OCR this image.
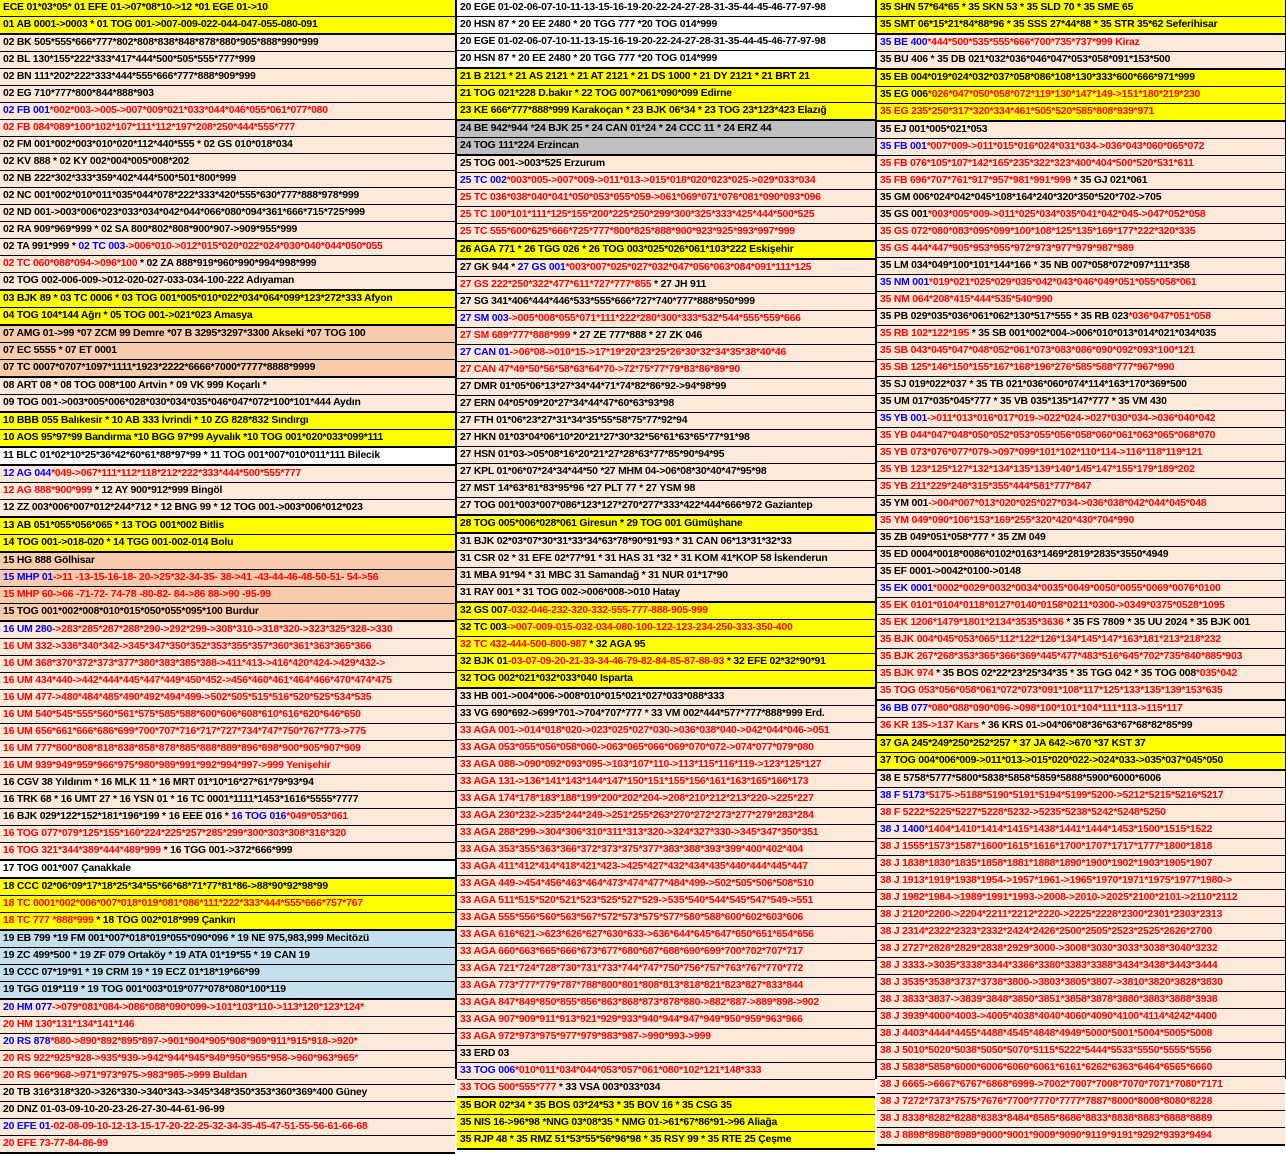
ECE 01*03*05* 01 EFE 01->07*08*10->12 *01 EGE 01->10
01 AB 0001->0003 * 01 TOG 001->007-009-022-044-047-055-080-091
02 BK 505*555*666*777*802*808*838*848*878*880*905*888*990*999
02 BL 130*155*222*333*417*444*500*505*555*777*999
02 BN 111*202*222*333*444*555*666*777*888*909*999
02 EG 710*777*800*844*888*903
02 FB 001*002*003->005->007*009*021*033*044*046*055*061*077*080
02 FB 084*089*100*102*107*111*112*197*208*250*444*555*777
02 FM 001*002*003*010*020*112*440*555 * 02 GS 010*018*034
02 KV 888 * 02 KY 002*004*005*008*202
02 NB 222*302*333*359*402*444*500*501*800*999
02 NC 001*002*010*011*035*044*078*222*333*420*555*630*777*888*978*999
02 ND 001->003*006*023*033*034*042*044*066*080*094*361*666*715*725*999
02 RA 909*969*999 * 02 SA 800*802*808*900*907->909*955*999
02 TA 991*999 * 02 TC 003->006*010->012*015*020*022*024*030*040*044*050*055
02 TC 060*088*094->096*100 * 02 ZA 888*919*960*990*994*998*999
02 TOG 002-006-009->012-020-027-033-034-100-222 Adıyaman
03 BJK 89 * 03 TC 0006 * 03 TOG 001*005*010*022*034*064*099*123*272*333 Afyon
04 TOG 104*144 Ağrı * 05 TOG 001->021*023 Amasya
07 AMG 01->99 *07 ZCM 99 Demre *07 B 3295*3297*3300 Akseki *07 TOG 100
07 EC 5555 * 07 ET 0001
07 TC 0007*0707*1097*1111*1923*2222*6666*7000*7777*8888*9999
08 ART 08 * 08 TOG 008*100 Artvin * 09 VK 999 Koçarlı *
09 TOG 001->003*005*006*028*030*034*035*046*047*072*100*101*444 Aydın
10 BBB 055 Balıkesir * 10 AB 333 İvrindi * 10 ZG 828*832 Sındırgı
10 AOS 95*97*99 Bandırma *10 BGG 97*99 Ayvalık *10 TOG 001*020*033*099*111
11 BLC 01*02*10*25*36*42*60*61*88*97*99 * 11 TOG 001*007*010*011*111 Bilecik
12 AG 044*049->067*111*112*118*212*222*333*444*500*555*777
12 AG 888*900*999 * 12 AY 900*912*999 Bingöl
12 ZZ 003*006*007*012*244*712 * 12 BNG 99 * 12 TOG 001->003*006*012*023
13 AB 051*055*056*065 * 13 TOG 001*002 Bitlis
14 TOG 001->018-020 * 14 TGG 001-002-014 Bolu
15 HG 888 Gölhisar
15 MHP 01->11 -13-15-16-18- 20->25*32-34-35- 38->41 -43-44-46-48-50-51- 54->56
15 MHP 60->66 -71-72- 74-78 -80-82- 84->86 88->90 -95-99
15 TOG 001*002*008*010*015*050*055*095*100 Burdur
16 UM 280->283*285*287*288*290->292*299->308*310->318*320->323*325*328->330
16 UM 332->336*340*342->345*347*350*352*353*355*357*360*361*363*365*366
16 UM 368*370*372*373*377*380*383*385*388->411*413->416*420*424->429*432->
16 UM 434*440->442*444*445*447*449*450*452->456*460*461*464*466*470*474*475
16 UM 477->480*484*485*490*492*494*499->502*505*515*516*520*525*534*535
16 UM 540*545*555*560*561*575*585*588*600*606*608*610*616*620*646*650
16 UM 656*661*666*686*699*700*707*716*717*727*734*747*750*767*773->775
16 UM 777*800*808*818*838*858*878*885*888*889*896*898*900*905*907*909
16 UM 939*949*959*966*975*980*989*991*992*994*997->999 Yenişehir
16 CGV 38 Yıldırım * 16 MLK 11 * 16 MRT 01*10*16*27*61*79*93*94
16 TRK 68 * 16 UMT 27 * 16 YSN 01 * 16 TC 0001*1111*1453*1616*5555*7777
16 BJK 029*122*152*181*196*199 * 16 EEE 016 * 16 TOG 016*049*053*061
16 TOG 077*079*125*155*160*224*225*257*285*299*300*303*308*316*320
16 TOG 321*344*389*444*489*999 * 16 TGG 001->372*666*999
17 TOG 001*007 Çanakkale
18 CCC 02*06*09*17*18*25*34*55*66*68*71*77*81*86->88*90*92*98*99
18 TC 0001*002*006*007*018*019*081*086*111*222*333*444*555*666*757*767
18 TC 777 *888*999 * 18 TOG 002*018*999 Çankırı
19 EB 799 *19 FM 001*007*018*019*055*090*096 * 19 NE 975,983,999 Mecitözü
19 ZC 499*500 * 19 ZF 079 Ortaköy * 19 ATA 01*19*55 * 19 CAN 19
19 CCC 07*19*91 * 19 CRM 19 * 19 ECZ 01*18*19*66*99
19 TGG 019*119 * 19 TOG 001*003*019*077*078*080*100*119
20 HM 077->079*081*084->086*088*090*099->101*103*110->113*120*123*124*
20 HM 130*131*134*141*146
20 RS 878*880->890*892*895*897->901*904*905*908*909*911*915*918->920*
20 RS 922*925*928->935*939->942*944*945*949*950*955*958->960*963*965*
20 RS 966*968->971*973*975->983*985->999 Buldan
20 TB 316*318*320->326*330->340*343->345*348*350*353*360*369*400 Güney
20 DNZ 01-03-09-10-20-23-26-27-30-44-61-96-99
20 EFE 01-02-08-09-10-12-13-15-17-20-22-25-32-34-35-45-47-51-55-56-61-66-68
20 EFE 73-77-84-86-99
20 EGE 01-02-06-07-10-11-13-15-16-19-20-22-24-27-28-31-35-44-45-46-77-97-98
20 HSN 87 * 20 EE 2480 * 20 TGG 777 *20 TOG 014*999
20 EGE 01-02-06-07-10-11-13-15-16-19-20-22-24-27-28-31-35-44-45-46-77-97-98
20 HSN 87 * 20 EE 2480 * 20 TGG 777 *20 TOG 014*999
21 B 2121 * 21 AS 2121 * 21 AT 2121 * 21 DS 1000 * 21 DY 2121 * 21 BRT 21
21 TOG 021*228 D.bakır * 22 TOG 007*061*090*099 Edirne
23 KE 666*777*888*999 Karakoçan * 23 BJK 06*34 * 23 TOG 23*123*423 Elazığ
24 BE 942*944 *24 BJK 25 * 24 CAN 01*24 * 24 CCC 11 * 24 ERZ 44
24 TOG 111*224 Erzincan
25 TOG 001->003*525 Erzurum
25 TC 002*003*005->007*009->011*013->015*018*020*023*025->029*033*034
25 TC 036*038*040*041*050*053*055*059->061*069*071*076*081*090*093*096
25 TC 100*101*111*125*155*200*225*250*299*300*325*333*425*444*500*525
25 TC 555*600*625*666*725*777*800*825*888*900*923*925*993*997*999
26 AGA 771 * 26 TGG 026 * 26 TOG 003*025*026*061*103*222 Eskişehir
27 GK 944 * 27 GS 001*003*007*025*027*032*047*056*063*084*091*111*125
27 GS 222*250*322*477*611*727*777*855 * 27 JH 911
27 SG 341*406*444*446*533*555*666*727*740*777*888*950*999
27 SM 003->005*008*055*071*111*222*280*300*333*532*544*555*559*666
27 SM 689*777*888*999 * 27 ZE 777*888 * 27 ZK 046
27 CAN 01->06*08->010*15->17*19*20*23*25*26*30*32*34*35*38*40*46
27 CAN 47*49*50*56*58*63*64*70->72*75*77*79*83*86*89*90
27 DMR 01*05*06*13*27*34*44*71*74*82*86*92->94*98*99
27 ERN 04*05*09*20*27*34*44*47*60*63*93*98
27 FTH 01*06*23*27*31*34*35*55*58*75*77*92*94
27 HKN 01*03*04*06*10*20*21*27*30*32*56*61*63*65*77*91*98
27 HSN 01*03->05*08*16*20*21*27*28*63*77*85*90*94*95
27 KPL 01*06*07*24*34*44*50 *27 MHM 04->06*08*30*40*47*95*98
27 MST 14*63*81*83*95*96 *27 PLT 77 * 27 YSM 98
27 TOG 001*003*007*086*123*127*270*277*333*422*444*666*972 Gaziantep
28 TOG 005*006*028*061 Giresun * 29 TOG 001 Gümüşhane
31 BJK 02*03*07*30*31*33*34*63*78*90*91*93 * 31 CAN 06*13*31*32*33
31 CSR 02 * 31 EFE 02*77*91 * 31 HAS 31 *32 * 31 KOM 41*KOP 58 İskenderun
31 MBA 91*94 * 31 MBC 31 Samandağ * 31 NUR 01*17*90
31 RAY 001 * 31 TOG 002->006*008->010 Hatay
32 GS 007-032-046-232-320-332-555-777-888-905-999
32 TC 003->007-009-015-032-034-080-100-122-123-234-250-333-350-400
32 TC 432-444-500-800-987 * 32 AGA 95
32 BJK 01-03-07-09-20-21-33-34-46-79-82-84-85-87-88-93 * 32 EFE 02*32*90*91
32 TOG 002*021*032*033*040 Isparta
33 HB 001->004*006->008*010*015*021*027*033*088*333
33 VG 690*692->699*701->704*707*777 * 33 VM 002*444*577*777*888*999 Erd.
33 AGA 001->014*018*020->023*025*027*030->036*038*040->042*044*046->051
33 AGA 053*055*056*058*060->063*065*066*069*070*072->074*077*079*080
33 AGA 088->090*092*093*095->103*107*110->113*115*116*119->123*125*127
33 AGA 131->136*141*143*144*147*150*151*155*156*161*163*165*166*173
33 AGA 174*178*183*188*199*200*202*204->208*210*212*213*220->225*227
33 AGA 230*232->235*244*249->251*255*263*270*272*273*277*279*283*284
33 AGA 288*299->304*306*310*311*313*320->324*327*330->345*347*350*351
33 AGA 353*355*363*366*372*373*375*377*383*388*393*399*400*402*404
33 AGA 411*412*414*418*421*423->425*427*432*434*435*440*444*445*447
33 AGA 449->454*456*463*464*473*474*477*484*499->502*505*506*508*510
33 AGA 511*515*520*521*523*525*527*529->535*540*544*545*547*549->551
33 AGA 555*556*560*563*567*572*573*575*577*580*588*600*602*603*606
33 AGA 616*621->623*626*627*630*633->636*644*645*647*650*651*654*656
33 AGA 660*663*665*666*673*677*680*687*688*690*699*700*702*707*717
33 AGA 721*724*728*730*731*733*744*747*750*756*757*763*767*770*772
33 AGA 773*777*779*787*788*800*801*808*813*818*821*823*827*833*844
33 AGA 847*849*850*855*856*863*868*873*878*880->882*887->889*898->902
33 AGA 907*909*911*913*921*929*933*940*944*947*949*950*959*963*966
33 AGA 972*973*975*977*979*983*987->990*993->999
33 ERD 03
33 TOG 006*010*011*034*044*053*057*061*080*102*121*148*333
33 TOG 500*555*777 * 33 VSA 003*033*034
35 BOR 02*34 * 35 BOS 03*24*53 * 35 BOV 16 * 35 CSG 35
35 NIS 16->96*98 *NNG 03*08*35 * NMG 01->61*67*86*91->96 Aliağa
35 RJP 48 * 35 RMZ 51*53*55*56*96*98 * 35 RSY 99 * 35 RTE 25 Çeşme
35 SHN 57*64*65 * 35 SKN 53 * 35 SLD 70 * 35 SME 65
35 SMT 06*15*21*84*88*96 * 35 SSS 27*44*88 * 35 STR 35*62 Seferihisar
35 BE 400*444*500*535*555*666*700*735*737*999 Kiraz
35 BU 406 * 35 DB 021*032*036*046*047*053*058*091*153*500
35 EB 004*019*024*032*037*058*086*108*130*333*600*666*971*999
35 EG 006*026*047*050*058*072*119*130*147*149->151*180*219*230
35 EG 235*250*317*320*334*461*505*520*585*808*939*971
35 EJ 001*005*021*053
35 FB 001*007*009->011*015*016*024*031*034->036*043*060*065*072
35 FB 076*105*107*142*165*235*322*323*400*404*500*520*531*611
35 FB 696*707*761*917*957*981*991*999 * 35 GJ 021*061
35 GM 006*024*042*045*108*164*240*320*350*520*702->705
35 GS 001*003*005*009->011*025*034*035*041*042*045->047*052*058
35 GS 072*080*083*095*099*100*108*125*135*169*177*222*320*335
35 GS 444*447*905*953*955*972*973*977*979*987*989
35 LM 034*049*100*101*144*166 * 35 NB 007*058*072*097*111*358
35 NM 001*019*021*025*029*035*042*043*046*049*051*055*058*061
35 NM 064*208*415*444*535*540*990
35 PB 029*035*036*061*062*130*517*555 * 35 RB 023*036*047*051*058
35 RB 102*122*195 * 35 SB 001*002*004->006*010*013*014*021*034*035
35 SB 043*045*047*048*052*061*073*083*086*090*092*093*100*121
35 SB 125*146*150*155*167*168*196*276*585*588*777*967*990
35 SJ 019*022*037 * 35 TB 021*036*060*074*114*163*170*369*500
35 UM 017*035*045*777 * 35 VB 035*135*147*777 * 35 VM 430
35 YB 001->011*013*016*017*019->022*024->027*030*034->036*040*042
35 YB 044*047*048*050*052*053*055*056*058*060*061*063*065*068*070
35 YB 073*076*077*079->097*099*101*102*110*114->116*118*119*121
35 YB 123*125*127*132*134*135*139*140*145*147*155*179*189*202
35 YB 211*229*248*315*355*444*581*777*847
35 YM 001->004*007*013*020*025*027*034->036*038*042*044*045*048
35 YM 049*090*106*153*169*255*320*420*430*704*990
35 ZB 049*051*058*777 * 35 ZM 049
35 ED 0004*0018*0086*0102*0163*1469*2819*2835*3550*4949
35 EF 0001->0042*0100->0148
35 EK 0001*0002*0029*0032*0034*0035*0049*0050*0055*0069*0076*0100
35 EK 0101*0104*0118*0127*0140*0158*0211*0300->0349*0375*0528*1095
35 EK 1206*1479*1801*2134*3535*3636 * 35 FS 7809 * 35 UU 2024 * 35 BJK 001
35 BJK 004*045*053*065*112*122*126*134*145*147*163*181*213*218*232
35 BJK 267*268*353*365*366*369*445*477*483*516*645*702*735*840*885*903
35 BJK 974 * 35 BOS 02*22*23*25*34*35 * 35 TGG 042 * 35 TOG 008*035*042
35 TOG 053*056*058*061*072*073*091*108*117*125*133*135*139*153*635
36 BB 077*080*088*090*096->098*100*101*104*111*113->115*117
36 KR 135->137 Kars * 36 KRS 01->04*06*08*36*63*67*68*82*85*99
37 GA 245*249*250*252*257 * 37 JA 642->670 *37 KST 37
37 TOG 004*006*009->011*013->015*020*022->024*033->035*037*045*050
38 E 5758*5777*5800*5838*5858*5859*5888*5900*6000*6006
38 F 5173*5175->5188*5190*5191*5194*5199*5200->5212*5215*5216*5217
38 F 5222*5225*5227*5228*5232->5235*5238*5242*5248*5250
38 J 1400*1404*1410*1414*1415*1438*1441*1444*1453*1500*1515*1522
38 J 1555*1573*1587*1600*1615*1616*1700*1707*1717*1777*1800*1818
38 J 1838*1830*1835*1858*1881*1888*1890*1900*1902*1903*1905*1907
38 J 1913*1919*1938*1954->1957*1961->1965*1970*1971*1975*1977*1980->
38 J 1982*1984->1989*1991*1993->2008->2010->2025*2100*2101->2110*2112
38 J 2120*2200->2204*2211*2212*2220->2225*2228*2300*2301*2303*2313
38 J 2314*2322*2323*2332*2424*2426*2500*2505*2523*2525*2626*2700
38 J 2727*2828*2829*2838*2929*3000->3008*3030*3033*3038*3040*3232
38 J 3333->3035*3338*3344*3366*3380*3383*3388*3434*3438*3443*3444
38 J 3535*3538*3737*3738*3800->3803*3805*3807->3810*3820*3828*3830
38 J 3833*3837->3839*3848*3850*3851*3858*3878*3880*3883*3888*3938
38 J 3939*4000*4003->4005*4038*4040*4060*4090*4100*4114*4242*4400
38 J 4403*4444*4455*4488*4545*4848*4949*5000*5001*5004*5005*5008
38 J 5010*5020*5038*5050*5070*5115*5222*5444*5533*5550*5555*5556
38 J 5838*5858*6000*6006*6060*6061*6161*6262*6363*6464*6565*6660
38 J 6665->6667*6767*6868*6999->7002*7007*7008*7070*7071*7080*7171
38 J 7272*7373*7575*7676*7700*7770*7777*7887*8000*8008*8080*8228
38 J 8338*8282*8288*8383*8484*8585*8686*8833*8838*8883*8888*8889
38 J 8898*8988*8989*9000*9001*9009*9090*9119*9191*9292*9393*9494
